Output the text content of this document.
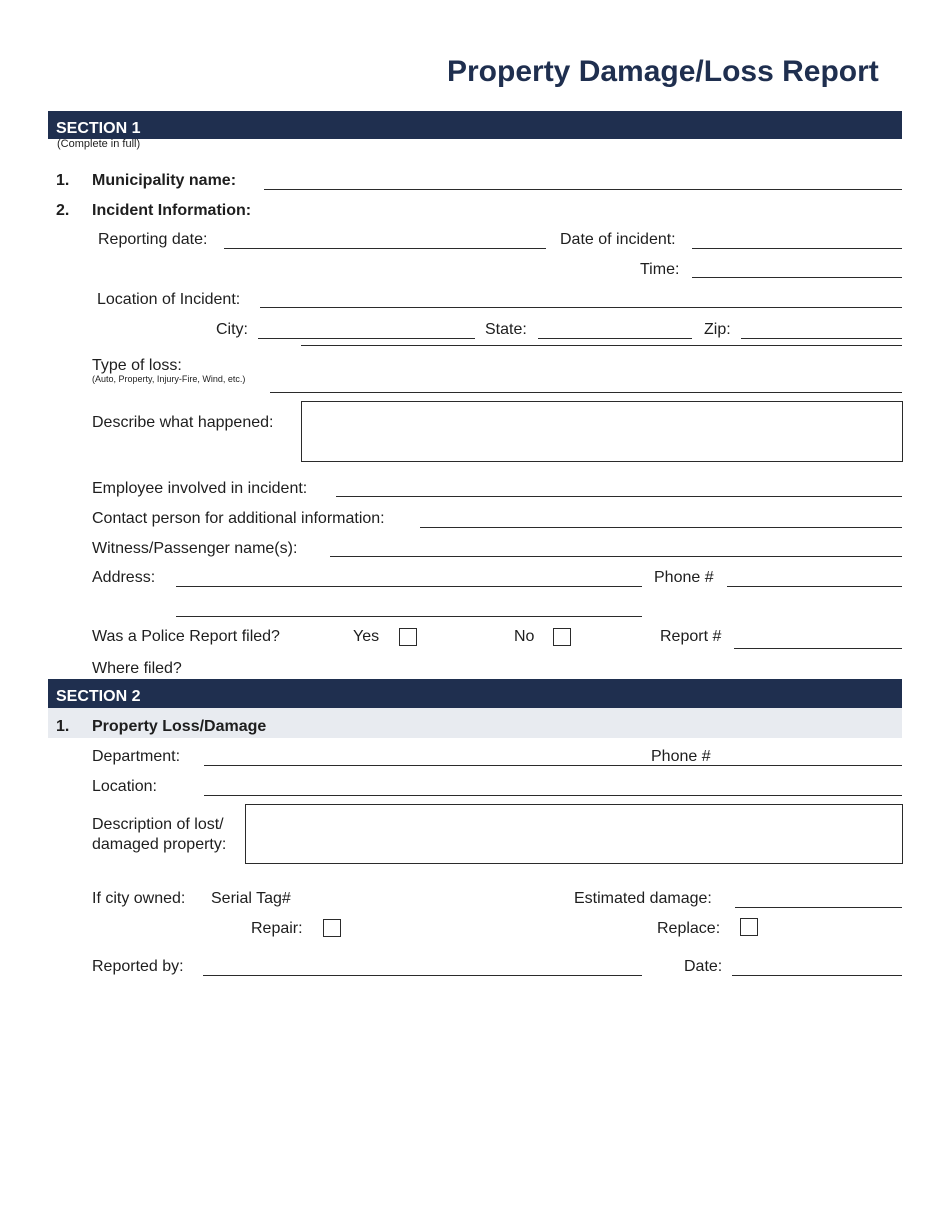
Property Damage/Loss Report
SECTION 1
(Complete in full)
1. Municipality name:
2. Incident Information:
Reporting date:	Date of incident:
Time:
Location of Incident:
City:	State:	Zip:
Type of loss:
(Auto, Property, Injury-Fire, Wind, etc.)
Describe what happened:
Employee involved in incident:
Contact person for additional information:
Witness/Passenger name(s):
Address:	Phone #
Was a Police Report filed?	Yes	No	Report #
Where filed?
SECTION 2
1. Property Loss/Damage
Department:	Phone #
Location:
Description of lost/
damaged property:
If city owned: Serial Tag#	Estimated damage:
Repair:	Replace:
Reported by:	Date:
